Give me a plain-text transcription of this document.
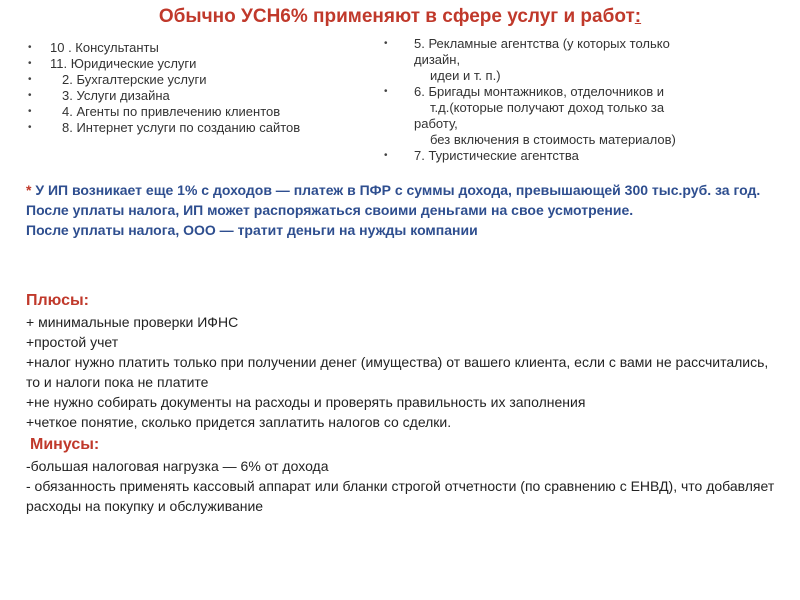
Обычно УСН6% применяют в сфере услуг и работ:
• 10 . Консультанты
• 11. Юридические услуги
• 2. Бухгалтерские услуги
• 3. Услуги дизайна
• 4. Агенты по привлечению клиентов
• 8. Интернет услуги по созданию сайтов
• 5. Рекламные агентства (у которых только
дизайн,
идеи и т. п.)
• 6. Бригады монтажников, отделочников и
т.д.(которые получают доход только за
работу,
без включения в стоимость материалов)
• 7. Туристические агентства
* У ИП возникает еще 1% с доходов — платеж в ПФР с суммы дохода, превышающей 300 тыс.руб. за год.
После уплаты налога, ИП может распоряжаться своими деньгами на свое усмотрение.
После уплаты налога, ООО — тратит деньги на нужды компании
Плюсы:
+ минимальные проверки ИФНС
+простой учет
+налог нужно платить только при получении денег (имущества) от вашего клиента, если с вами не рассчитались, то и налоги пока не платите
+не нужно собирать документы на расходы и проверять правильность их заполнения
+четкое понятие, сколько придется заплатить налогов со сделки.
Минусы:
-большая налоговая нагрузка — 6% от дохода
- обязанность применять кассовый аппарат или бланки строгой отчетности (по сравнению с ЕНВД), что добавляет расходы на покупку и обслуживание
